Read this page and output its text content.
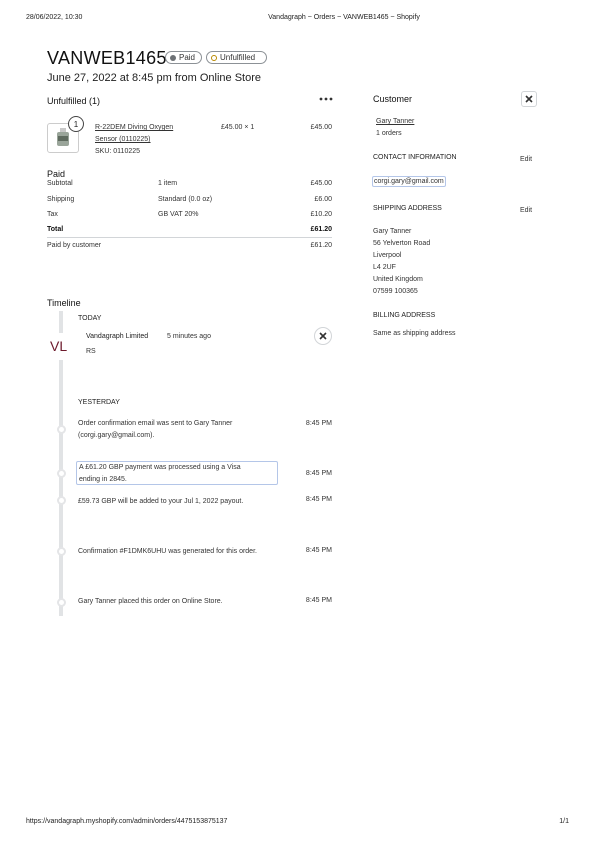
28/06/2022, 10:30	Vandagraph ~ Orders ~ VANWEB1465 ~ Shopify
VANWEB1465 Paid	Unfulfilled
June 27, 2022 at 8:45 pm from Online Store
Unfulfilled (1)
1	R-22DEM Diving Oxygen
Sensor (0110225)
SKU: 0110225
£45.00 × 1	£45.00
Paid
Subtotal	1 item	£45.00
Shipping	Standard (0.0 oz)	£6.00
Tax	GB VAT 20%	£10.20
Total	£61.20
Paid by customer	£61.20
Customer
Gary Tanner
1 orders
CONTACT INFORMATION	Edit
corgi.gary@gmail.com
SHIPPING ADDRESS	Edit
Gary Tanner
56 Yelverton Road
Liverpool
L4 2UF
United Kingdom
07599 100365
BILLING ADDRESS
Same as shipping address
Timeline
TODAY
VL
Vandagraph Limited	5 minutes ago
RS
YESTERDAY
Order confirmation email was sent to Gary Tanner
(corgi.gary@gmail.com).
8:45 PM
A £61.20 GBP payment was processed using a Visa
ending in 2845.
8:45 PM
£59.73 GBP will be added to your Jul 1, 2022 payout.	8:45 PM
Confirmation #F1DMK6UHU was generated for this order.	8:45 PM
Gary Tanner placed this order on Online Store.	8:45 PM
https://vandagraph.myshopify.com/admin/orders/4475153875137	1/1
